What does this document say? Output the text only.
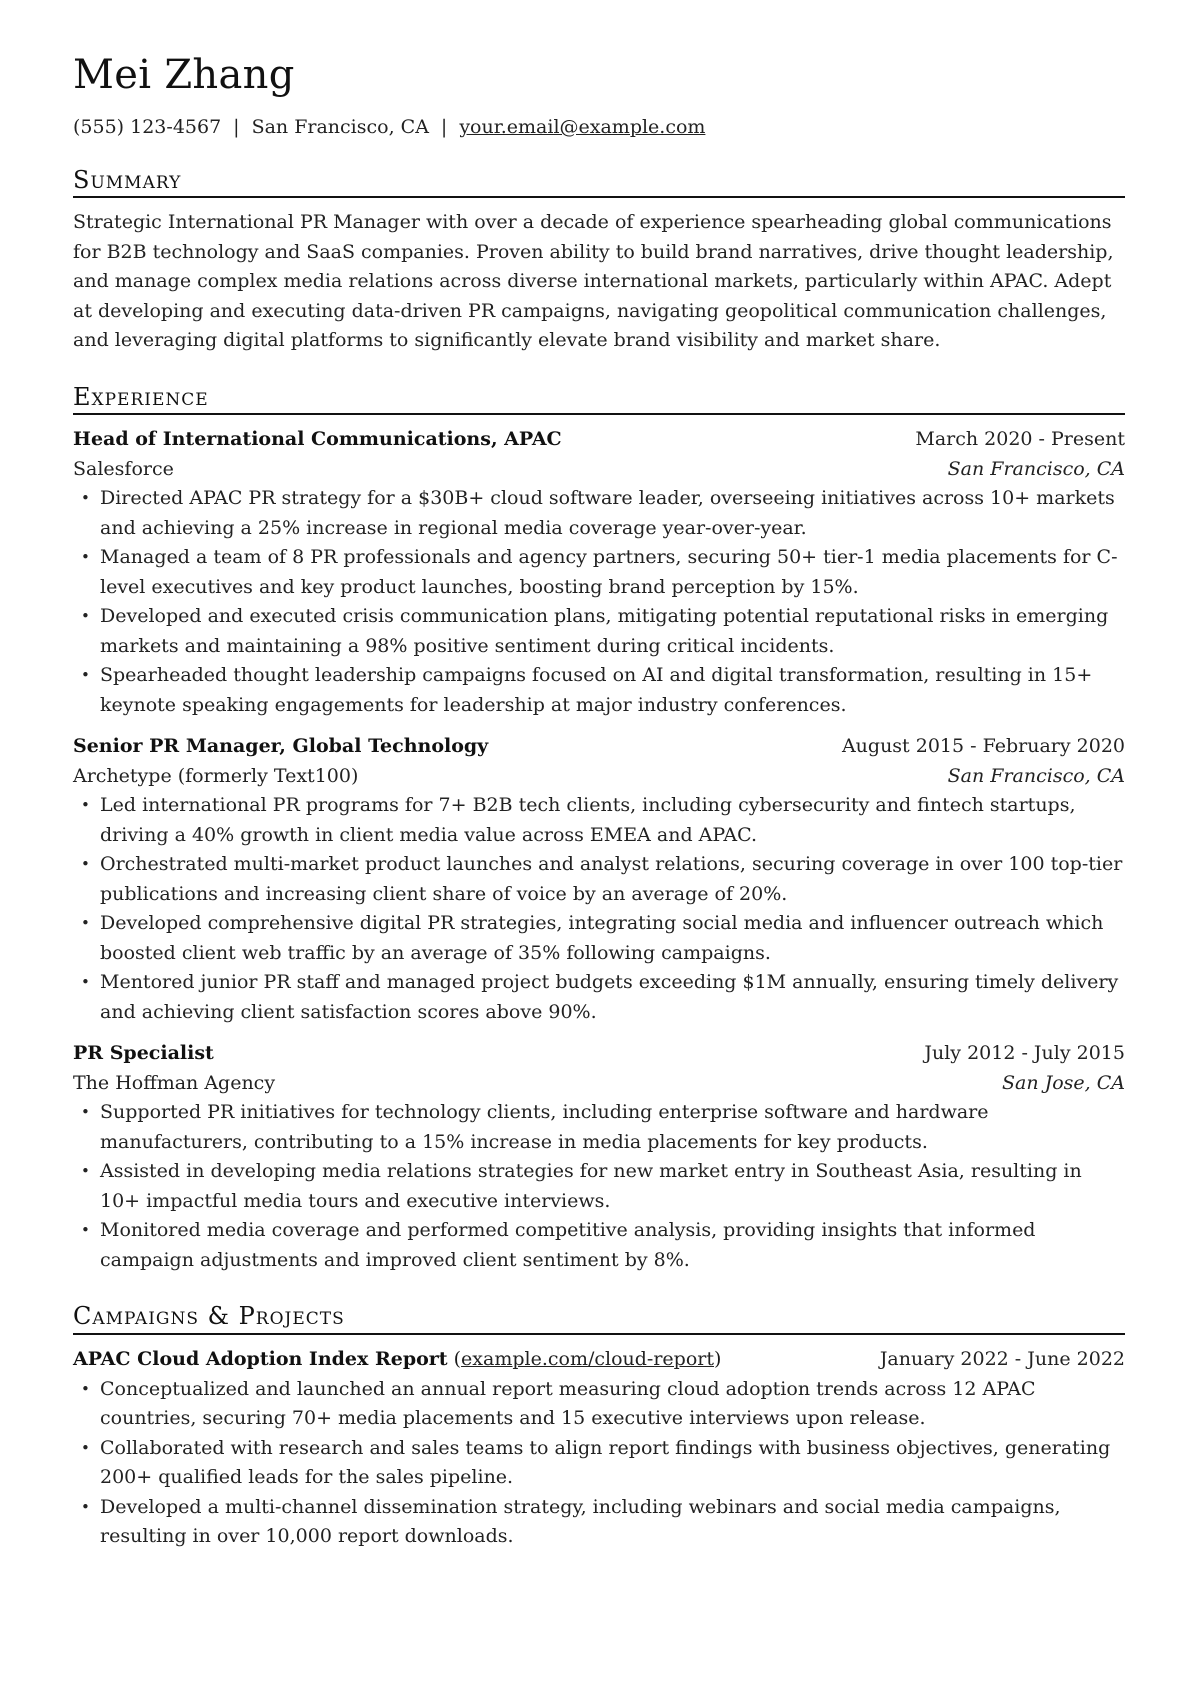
Mei Zhang
(555) 123-4567 | San Francisco, CA | your.email@example.com
Summary

Strategic International PR Manager with over a decade of experience spearheading global communications for B2B technology and SaaS companies. Proven ability to build brand narratives, drive thought leadership, and manage complex media relations across diverse international markets, particularly within APAC. Adept at developing and executing data-driven PR campaigns, navigating geopolitical communication challenges, and leveraging digital platforms to significantly elevate brand visibility and market share.

Experience
Head of International Communications, APAC	March 2020 - Present
Salesforce	San Francisco, CA
• Directed APAC PR strategy for a $30B+ cloud software leader, overseeing initiatives across 10+ markets and achieving a 25% increase in regional media coverage year-over-year.
• Managed a team of 8 PR professionals and agency partners, securing 50+ tier-1 media placements for C-level executives and key product launches, boosting brand perception by 15%.
• Developed and executed crisis communication plans, mitigating potential reputational risks in emerging markets and maintaining a 98% positive sentiment during critical incidents.
• Spearheaded thought leadership campaigns focused on AI and digital transformation, resulting in 15+ keynote speaking engagements for leadership at major industry conferences.
Senior PR Manager, Global Technology	August 2015 - February 2020
Archetype (formerly Text100)	San Francisco, CA
• Led international PR programs for 7+ B2B tech clients, including cybersecurity and fintech startups, driving a 40% growth in client media value across EMEA and APAC.
• Orchestrated multi-market product launches and analyst relations, securing coverage in over 100 top-tier publications and increasing client share of voice by an average of 20%.
• Developed comprehensive digital PR strategies, integrating social media and influencer outreach which boosted client web traffic by an average of 35% following campaigns.
• Mentored junior PR staff and managed project budgets exceeding $1M annually, ensuring timely delivery and achieving client satisfaction scores above 90%.
PR Specialist	July 2012 - July 2015
The Hoffman Agency	San Jose, CA
• Supported PR initiatives for technology clients, including enterprise software and hardware manufacturers, contributing to a 15% increase in media placements for key products.
• Assisted in developing media relations strategies for new market entry in Southeast Asia, resulting in 10+ impactful media tours and executive interviews.
• Monitored media coverage and performed competitive analysis, providing insights that informed campaign adjustments and improved client sentiment by 8%.
Campaigns & Projects
APAC Cloud Adoption Index Report (example.com/cloud-report)	January 2022 - June 2022
• Conceptualized and launched an annual report measuring cloud adoption trends across 12 APAC countries, securing 70+ media placements and 15 executive interviews upon release.
• Collaborated with research and sales teams to align report findings with business objectives, generating 200+ qualified leads for the sales pipeline.
• Developed a multi-channel dissemination strategy, including webinars and social media campaigns, resulting in over 10,000 report downloads.
